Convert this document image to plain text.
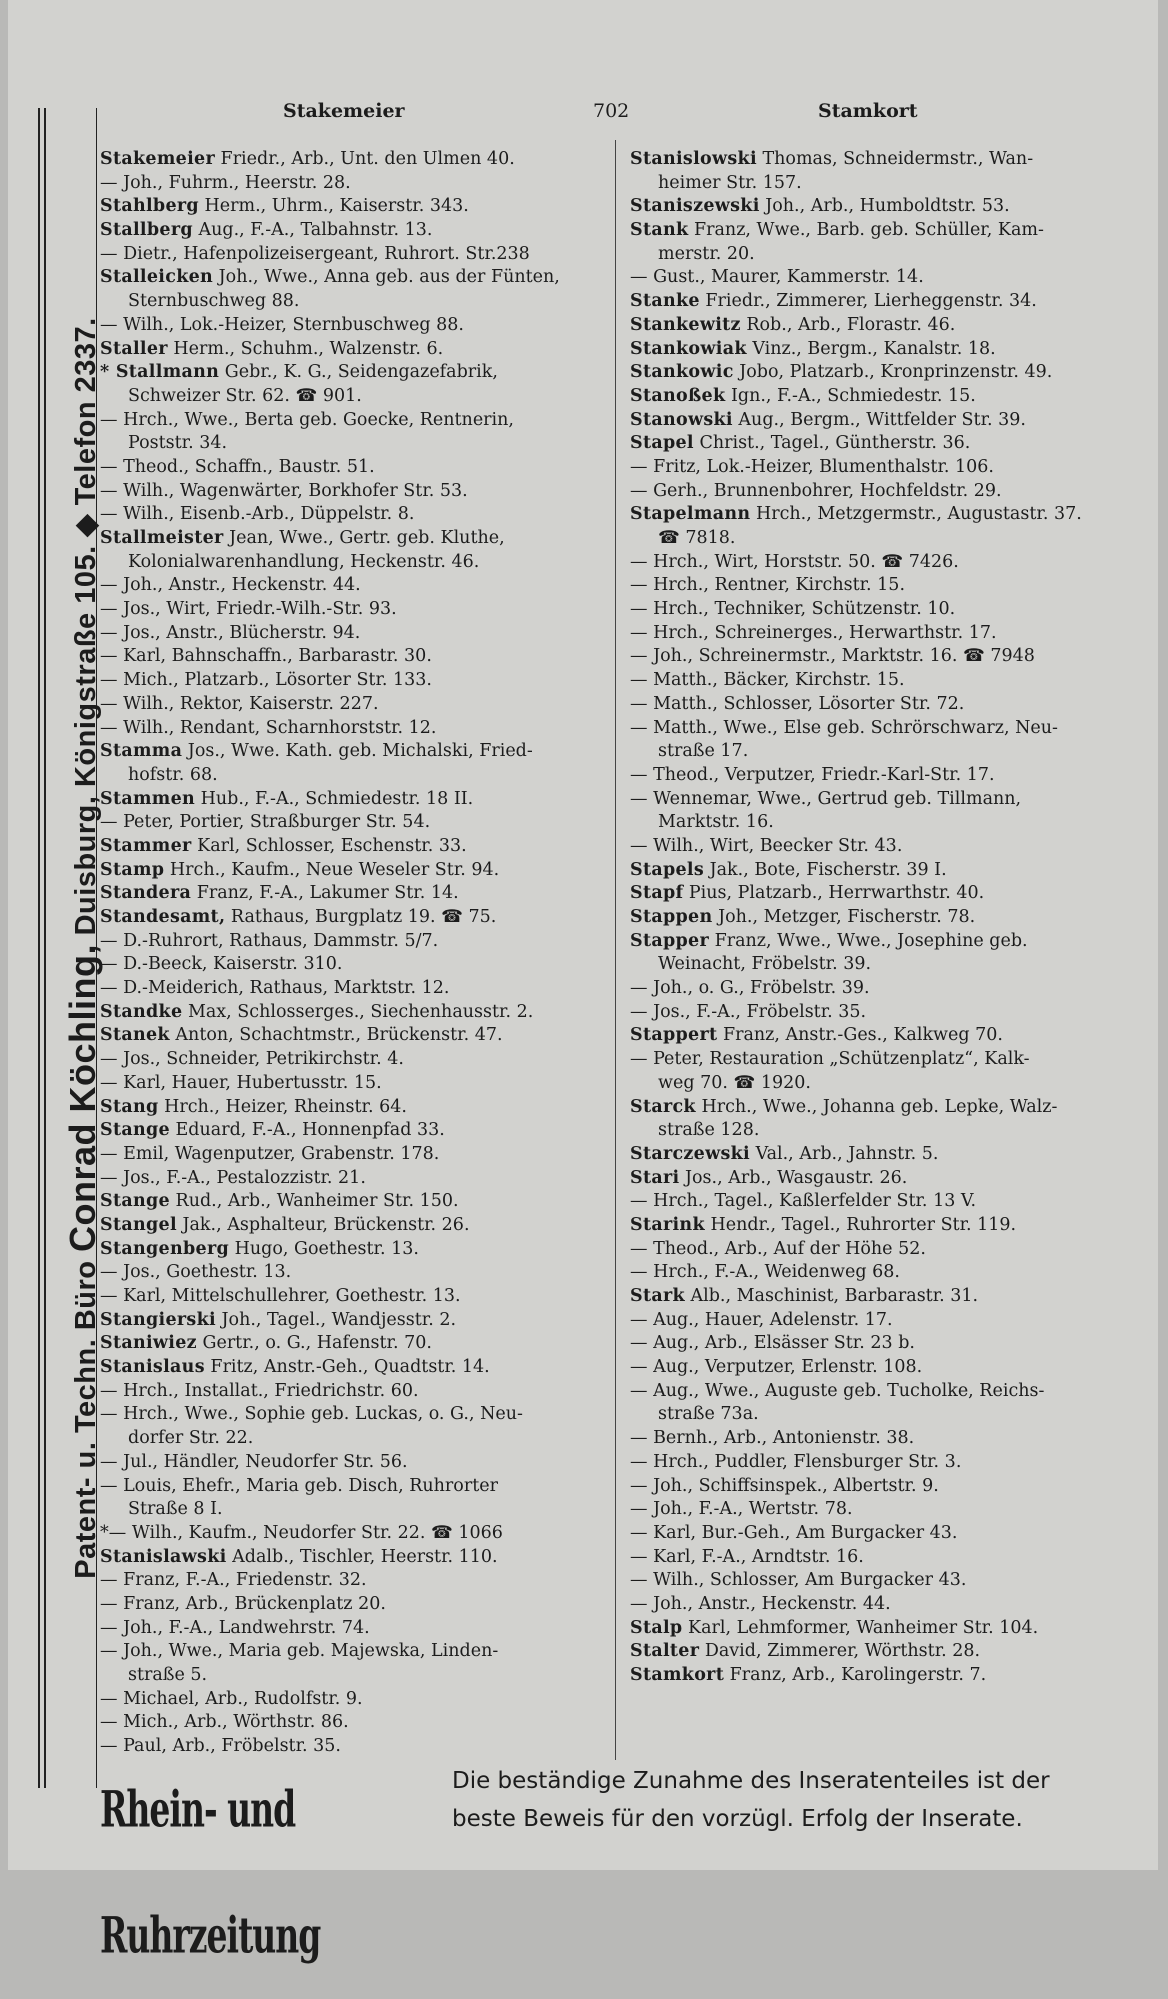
Patent- u. Techn. Büro Conrad Köchling, Duisburg, Königstraße 105. ◆ Telefon 2337.
Stakemeier	702	Stamkort
Stakemeier Friedr., Arb., Unt. den Ulmen 40.
— Joh., Fuhrm., Heerstr. 28.
Stahlberg Herm., Uhrm., Kaiserstr. 343.
Stallberg Aug., F.-A., Talbahnstr. 13.
— Dietr., Hafenpolizeisergeant, Ruhrort. Str.238
Stalleicken Joh., Wwe., Anna geb. aus der Fünten,
Sternbuschweg 88.
— Wilh., Lok.-Heizer, Sternbuschweg 88.
Staller Herm., Schuhm., Walzenstr. 6.
* Stallmann Gebr., K. G., Seidengazefabrik,
Schweizer Str. 62. ☎ 901.
— Hrch., Wwe., Berta geb. Goecke, Rentnerin,
Poststr. 34.
— Theod., Schaffn., Baustr. 51.
— Wilh., Wagenwärter, Borkhofer Str. 53.
— Wilh., Eisenb.-Arb., Düppelstr. 8.
Stallmeister Jean, Wwe., Gertr. geb. Kluthe,
Kolonialwarenhandlung, Heckenstr. 46.
— Joh., Anstr., Heckenstr. 44.
— Jos., Wirt, Friedr.-Wilh.-Str. 93.
— Jos., Anstr., Blücherstr. 94.
— Karl, Bahnschaffn., Barbarastr. 30.
— Mich., Platzarb., Lösorter Str. 133.
— Wilh., Rektor, Kaiserstr. 227.
— Wilh., Rendant, Scharnhorststr. 12.
Stamma Jos., Wwe. Kath. geb. Michalski, Fried-
hofstr. 68.
Stammen Hub., F.-A., Schmiedestr. 18 II.
— Peter, Portier, Straßburger Str. 54.
Stammer Karl, Schlosser, Eschenstr. 33.
Stamp Hrch., Kaufm., Neue Weseler Str. 94.
Standera Franz, F.-A., Lakumer Str. 14.
Standesamt, Rathaus, Burgplatz 19. ☎ 75.
— D.-Ruhrort, Rathaus, Dammstr. 5/7.
— D.-Beeck, Kaiserstr. 310.
— D.-Meiderich, Rathaus, Marktstr. 12.
Standke Max, Schlosserges., Siechenhausstr. 2.
Stanek Anton, Schachtmstr., Brückenstr. 47.
— Jos., Schneider, Petrikirchstr. 4.
— Karl, Hauer, Hubertusstr. 15.
Stang Hrch., Heizer, Rheinstr. 64.
Stange Eduard, F.-A., Honnenpfad 33.
— Emil, Wagenputzer, Grabenstr. 178.
— Jos., F.-A., Pestalozzistr. 21.
Stange Rud., Arb., Wanheimer Str. 150.
Stangel Jak., Asphalteur, Brückenstr. 26.
Stangenberg Hugo, Goethestr. 13.
— Jos., Goethestr. 13.
— Karl, Mittelschullehrer, Goethestr. 13.
Stangierski Joh., Tagel., Wandjesstr. 2.
Staniwiez Gertr., o. G., Hafenstr. 70.
Stanislaus Fritz, Anstr.-Geh., Quadtstr. 14.
— Hrch., Installat., Friedrichstr. 60.
— Hrch., Wwe., Sophie geb. Luckas, o. G., Neu-
dorfer Str. 22.
— Jul., Händler, Neudorfer Str. 56.
— Louis, Ehefr., Maria geb. Disch, Ruhrorter
Straße 8 I.
*— Wilh., Kaufm., Neudorfer Str. 22. ☎ 1066
Stanislawski Adalb., Tischler, Heerstr. 110.
— Franz, F.-A., Friedenstr. 32.
— Franz, Arb., Brückenplatz 20.
— Joh., F.-A., Landwehrstr. 74.
— Joh., Wwe., Maria geb. Majewska, Linden-
straße 5.
— Michael, Arb., Rudolfstr. 9.
— Mich., Arb., Wörthstr. 86.
— Paul, Arb., Fröbelstr. 35.
Stanislowski Thomas, Schneidermstr., Wan-
heimer Str. 157.
Staniszewski Joh., Arb., Humboldtstr. 53.
Stank Franz, Wwe., Barb. geb. Schüller, Kam-
merstr. 20.
— Gust., Maurer, Kammerstr. 14.
Stanke Friedr., Zimmerer, Lierheggenstr. 34.
Stankewitz Rob., Arb., Florastr. 46.
Stankowiak Vinz., Bergm., Kanalstr. 18.
Stankowic Jobo, Platzarb., Kronprinzenstr. 49.
Stanoßek Ign., F.-A., Schmiedestr. 15.
Stanowski Aug., Bergm., Wittfelder Str. 39.
Stapel Christ., Tagel., Güntherstr. 36.
— Fritz, Lok.-Heizer, Blumenthalstr. 106.
— Gerh., Brunnenbohrer, Hochfeldstr. 29.
Stapelmann Hrch., Metzgermstr., Augustastr. 37.
☎ 7818.
— Hrch., Wirt, Horststr. 50. ☎ 7426.
— Hrch., Rentner, Kirchstr. 15.
— Hrch., Techniker, Schützenstr. 10.
— Hrch., Schreinerges., Herwarthstr. 17.
— Joh., Schreinermstr., Marktstr. 16. ☎ 7948
— Matth., Bäcker, Kirchstr. 15.
— Matth., Schlosser, Lösorter Str. 72.
— Matth., Wwe., Else geb. Schrörschwarz, Neu-
straße 17.
— Theod., Verputzer, Friedr.-Karl-Str. 17.
— Wennemar, Wwe., Gertrud geb. Tillmann,
Marktstr. 16.
— Wilh., Wirt, Beecker Str. 43.
Stapels Jak., Bote, Fischerstr. 39 I.
Stapf Pius, Platzarb., Herrwarthstr. 40.
Stappen Joh., Metzger, Fischerstr. 78.
Stapper Franz, Wwe., Wwe., Josephine geb.
Weinacht, Fröbelstr. 39.
— Joh., o. G., Fröbelstr. 39.
— Jos., F.-A., Fröbelstr. 35.
Stappert Franz, Anstr.-Ges., Kalkweg 70.
— Peter, Restauration „Schützenplatz“, Kalk-
weg 70. ☎ 1920.
Starck Hrch., Wwe., Johanna geb. Lepke, Walz-
straße 128.
Starczewski Val., Arb., Jahnstr. 5.
Stari Jos., Arb., Wasgaustr. 26.
— Hrch., Tagel., Kaßlerfelder Str. 13 V.
Starink Hendr., Tagel., Ruhrorter Str. 119.
— Theod., Arb., Auf der Höhe 52.
— Hrch., F.-A., Weidenweg 68.
Stark Alb., Maschinist, Barbarastr. 31.
— Aug., Hauer, Adelenstr. 17.
— Aug., Arb., Elsässer Str. 23 b.
— Aug., Verputzer, Erlenstr. 108.
— Aug., Wwe., Auguste geb. Tucholke, Reichs-
straße 73a.
— Bernh., Arb., Antonienstr. 38.
— Hrch., Puddler, Flensburger Str. 3.
— Joh., Schiffsinspek., Albertstr. 9.
— Joh., F.-A., Wertstr. 78.
— Karl, Bur.-Geh., Am Burgacker 43.
— Karl, F.-A., Arndtstr. 16.
— Wilh., Schlosser, Am Burgacker 43.
— Joh., Anstr., Heckenstr. 44.
Stalp Karl, Lehmformer, Wanheimer Str. 104.
Stalter David, Zimmerer, Wörthstr. 28.
Stamkort Franz, Arb., Karolingerstr. 7.
Rhein- und Ruhrzeitung
Die beständige Zunahme des Inseratenteiles ist der
beste Beweis für den vorzügl. Erfolg der Inserate.
